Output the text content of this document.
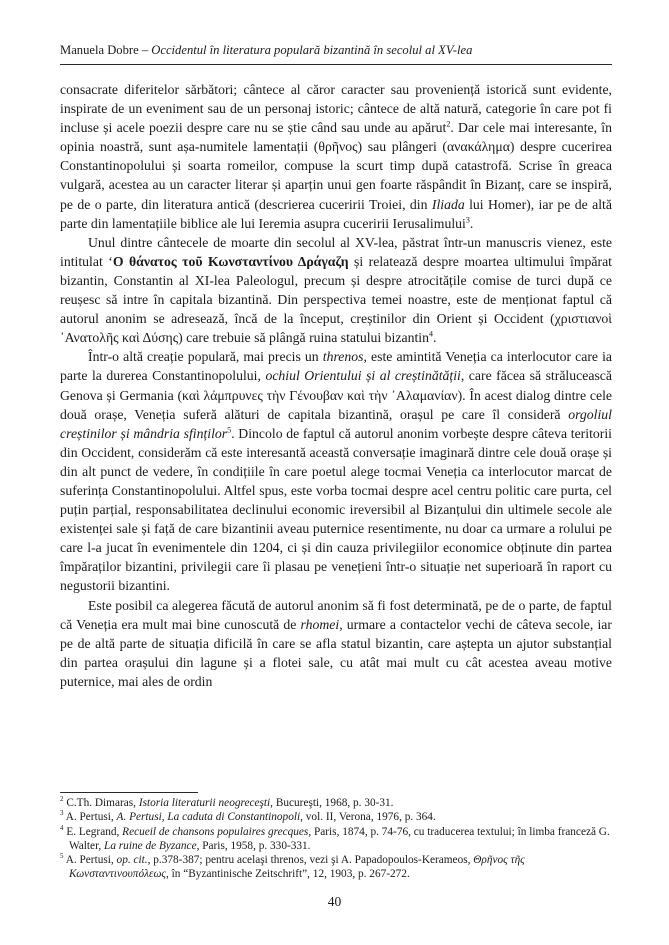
Manuela Dobre – Occidentul în literatura populară bizantină în secolul al XV-lea

consacrate diferitelor sărbători; cântece al căror caracter sau proveniență istorică sunt evidente, inspirate de un eveniment sau de un personaj istoric; cântece de altă natură, categorie în care pot fi incluse și acele poezii despre care nu se știe când sau unde au apărut$^2$. Dar cele mai interesante, în opinia noastră, sunt așa-numitele lamentații (θρῆνος) sau plângeri (ανακάλημα) despre cucerirea Constantinopolului și soarta romeilor, compuse la scurt timp după catastrofă. Scrise în greaca vulgară, acestea au un caracter literar și aparțin unui gen foarte răspândit în Bizanț, care se inspiră, pe de o parte, din literatura antică (descrierea cuceririi Troiei, din Iliada lui Homer), iar pe de altă parte din lamentațiile biblice ale lui Ieremia asupra cuceririi Ierusalimului$^3$.

Unul dintre cântecele de moarte din secolul al XV-lea, păstrat într-un manuscris vienez, este intitulat ‘Ο θάνατος τοῦ Κωνσταντίνου Δράγαζη și relatează despre moartea ultimului împărat bizantin, Constantin al XI-lea Paleologul, precum și despre atrocitățile comise de turci după ce reușesc să intre în capitala bizantină. Din perspectiva temei noastre, este de menționat faptul că autorul anonim se adresează, încă de la început, creștinilor din Orient și Occident (χριστιανοὶ ᾿Ανατολῆς καὶ Δύσης) care trebuie să plângă ruina statului bizantin$^4$.

Într-o altă creație populară, mai precis un threnos, este amintită Veneția ca interlocutor care ia parte la durerea Constantinopolului, ochiul Orientului și al creștinătății, care făcea să strălucească Genova și Germania (καὶ λάμπρυνες τὴν Γένουβαν καὶ τὴν ᾿Αλαμανίαν). În acest dialog dintre cele două orașe, Veneția suferă alături de capitala bizantină, orașul pe care îl consideră orgoliul creștinilor și mândria sfinților$^5$. Dincolo de faptul că autorul anonim vorbește despre câteva teritorii din Occident, considerăm că este interesantă această conversație imaginară dintre cele două orașe și din alt punct de vedere, în condițiile în care poetul alege tocmai Veneția ca interlocutor marcat de suferința Constantinopolului. Altfel spus, este vorba tocmai despre acel centru politic care purta, cel puțin parțial, responsabilitatea declinului economic ireversibil al Bizanțului din ultimele secole ale existenței sale și față de care bizantinii aveau puternice resentimente, nu doar ca urmare a rolului pe care l-a jucat în evenimentele din 1204, ci și din cauza privilegiilor economice obținute din partea împăraților bizantini, privilegii care îi plasau pe venețieni într-o situație net superioară în raport cu negustorii bizantini.

Este posibil ca alegerea făcută de autorul anonim să fi fost determinată, pe de o parte, de faptul că Veneția era mult mai bine cunoscută de rhomei, urmare a contactelor vechi de câteva secole, iar pe de altă parte de situația dificilă în care se afla statul bizantin, care aștepta un ajutor substanțial din partea orașului din lagune și a flotei sale, cu atât mai mult cu cât acestea aveau motive puternice, mai ales de ordin

$^2$ C.Th. Dimaras, Istoria literaturii neogreceşti, Bucureşti, 1968, p. 30-31.

$^3$ A. Pertusi, A. Pertusi, La caduta di Constantinopoli, vol. II, Verona, 1976, p. 364.

$^4$ E. Legrand, Recueil de chansons populaires grecques, Paris, 1874, p. 74-76, cu traducerea textului; în limba franceză G. Walter, La ruine de Byzance, Paris, 1958, p. 330-331.

$^5$ A. Pertusi, op. cit., p.378-387; pentru acelaşi threnos, vezi şi A. Papadopoulos-Kerameos, Θρῆνος τῆς Κωνσταντινουπόλεως, în “Byzantinische Zeitschrift”, 12, 1903, p. 267-272.

40
